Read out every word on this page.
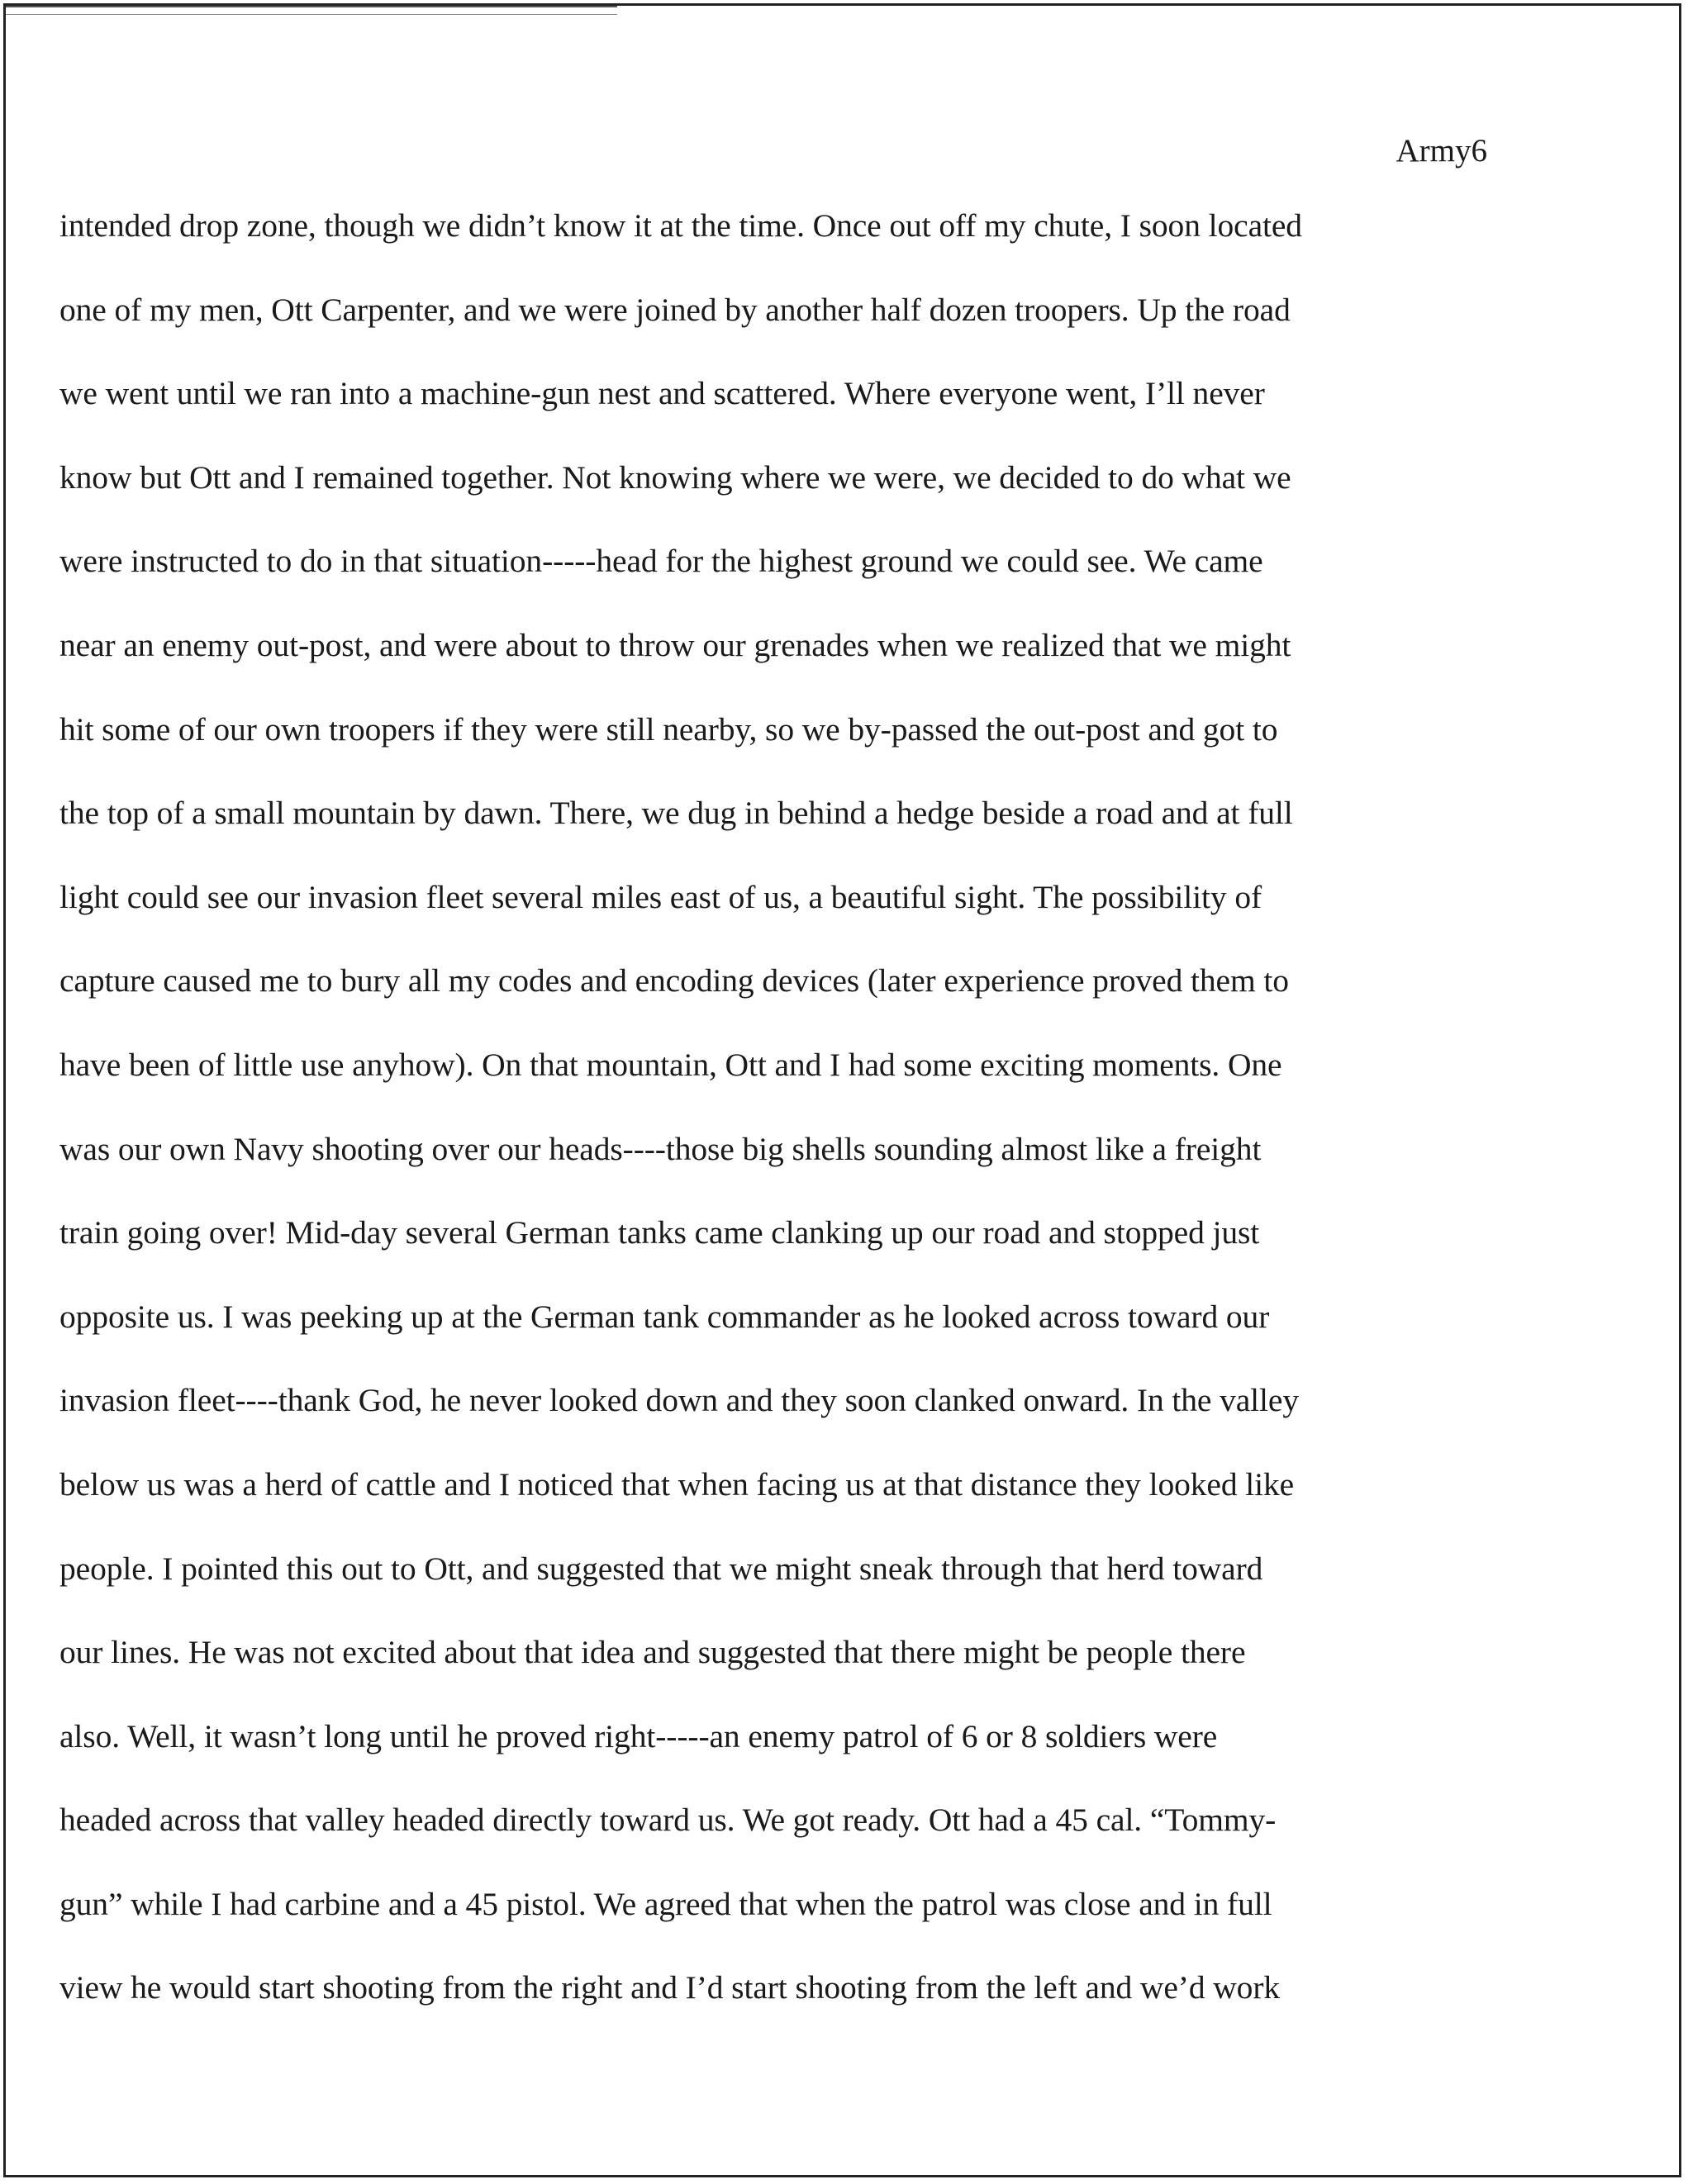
Army6
intended drop zone, though we didn’t know it at the time. Once out off my chute, I soon located
one of my men, Ott Carpenter, and we were joined by another half dozen troopers. Up the road
we went until we ran into a machine-gun nest and scattered. Where everyone went, I’ll never
know but Ott and I remained together. Not knowing where we were, we decided to do what we
were instructed to do in that situation-----head for the highest ground we could see. We came
near an enemy out-post, and were about to throw our grenades when we realized that we might
hit some of our own troopers if they were still nearby, so we by-passed the out-post and got to
the top of a small mountain by dawn. There, we dug in behind a hedge beside a road and at full
light could see our invasion fleet several miles east of us, a beautiful sight. The possibility of
capture caused me to bury all my codes and encoding devices (later experience proved them to
have been of little use anyhow). On that mountain, Ott and I had some exciting moments. One
was our own Navy shooting over our heads----those big shells sounding almost like a freight
train going over! Mid-day several German tanks came clanking up our road and stopped just
opposite us. I was peeking up at the German tank commander as he looked across toward our
invasion fleet----thank God, he never looked down and they soon clanked onward. In the valley
below us was a herd of cattle and I noticed that when facing us at that distance they looked like
people. I pointed this out to Ott, and suggested that we might sneak through that herd toward
our lines. He was not excited about that idea and suggested that there might be people there
also. Well, it wasn’t long until he proved right-----an enemy patrol of 6 or 8 soldiers were
headed across that valley headed directly toward us. We got ready. Ott had a 45 cal. “Tommy-
gun” while I had carbine and a 45 pistol. We agreed that when the patrol was close and in full
view he would start shooting from the right and I’d start shooting from the left and we’d work
